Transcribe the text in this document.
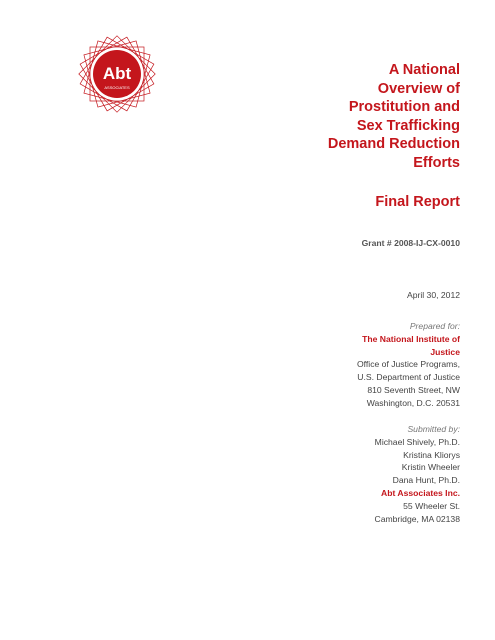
Abt
ASSOCIATES
A National
Overview of
Prostitution and
Sex Trafficking
Demand Reduction
Efforts
Final Report
Grant # 2008-IJ-CX-0010
April 30, 2012
Prepared for:
The National Institute of
Justice
Office of Justice Programs,
U.S. Department of Justice
810 Seventh Street, NW
Washington, D.C. 20531
Submitted by:
Michael Shively, Ph.D.
Kristina Kliorys
Kristin Wheeler
Dana Hunt, Ph.D.
Abt Associates Inc.
55 Wheeler St.
Cambridge, MA 02138
